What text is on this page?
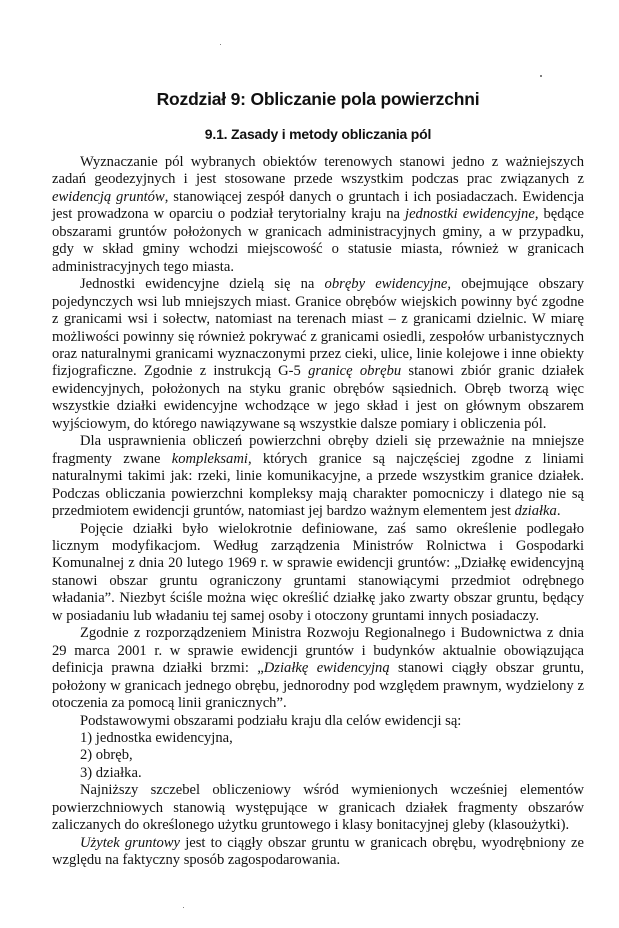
Rozdział 9: Obliczanie pola powierzchni
9.1. Zasady i metody obliczania pól

Wyznaczanie pól wybranych obiektów terenowych stanowi jedno z ważniejszych zadań geodezyjnych i jest stosowane przede wszystkim podczas prac związanych z ewidencją gruntów, stanowiącej zespół danych o gruntach i ich posiadaczach. Ewidencja jest prowadzona w oparciu o podział terytorialny kraju na jednostki ewidencyjne, będące obszarami gruntów położonych w granicach administracyjnych gminy, a w przypadku, gdy w skład gminy wchodzi miejscowość o statusie miasta, również w granicach administracyjnych tego miasta.

Jednostki ewidencyjne dzielą się na obręby ewidencyjne, obejmujące obszary pojedynczych wsi lub mniejszych miast. Granice obrębów wiejskich powinny być zgodne z granicami wsi i sołectw, natomiast na terenach miast – z granicami dzielnic. W miarę możliwości powinny się również pokrywać z granicami osiedli, zespołów urbanistycznych oraz naturalnymi granicami wyznaczonymi przez cieki, ulice, linie kolejowe i inne obiekty fizjograficzne. Zgodnie z instrukcją G-5 granicę obrębu stanowi zbiór granic działek ewidencyjnych, położonych na styku granic obrębów sąsiednich. Obręb tworzą więc wszystkie działki ewidencyjne wchodzące w jego skład i jest on głównym obszarem wyjściowym, do którego nawiązywane są wszystkie dalsze pomiary i obliczenia pól.

Dla usprawnienia obliczeń powierzchni obręby dzieli się przeważnie na mniejsze fragmenty zwane kompleksami, których granice są najczęściej zgodne z liniami naturalnymi takimi jak: rzeki, linie komunikacyjne, a przede wszystkim granice działek. Podczas obliczania powierzchni kompleksy mają charakter pomocniczy i dlatego nie są przedmiotem ewidencji gruntów, natomiast jej bardzo ważnym elementem jest działka.

Pojęcie działki było wielokrotnie definiowane, zaś samo określenie podlegało licznym modyfikacjom. Według zarządzenia Ministrów Rolnictwa i Gospodarki Komunalnej z dnia 20 lutego 1969 r. w sprawie ewidencji gruntów: „Działkę ewidencyjną stanowi obszar gruntu ograniczony gruntami stanowiącymi przedmiot odrębnego władania”. Niezbyt ściśle można więc określić działkę jako zwarty obszar gruntu, będący w posiadaniu lub władaniu tej samej osoby i otoczony gruntami innych posiadaczy.

Zgodnie z rozporządzeniem Ministra Rozwoju Regionalnego i Budownictwa z dnia 29 marca 2001 r. w sprawie ewidencji gruntów i budynków aktualnie obowiązująca definicja prawna działki brzmi: „Działkę ewidencyjną stanowi ciągły obszar gruntu, położony w granicach jednego obrębu, jednorodny pod względem prawnym, wydzielony z otoczenia za pomocą linii granicznych”.

Podstawowymi obszarami podziału kraju dla celów ewidencji są:

1) jednostka ewidencyjna,

2) obręb,

3) działka.

Najniższy szczebel obliczeniowy wśród wymienionych wcześniej elementów powierzchniowych stanowią występujące w granicach działek fragmenty obszarów zaliczanych do określonego użytku gruntowego i klasy bonitacyjnej gleby (klasoużytki).

Użytek gruntowy jest to ciągły obszar gruntu w granicach obrębu, wyodrębniony ze względu na faktyczny sposób zagospodarowania.
